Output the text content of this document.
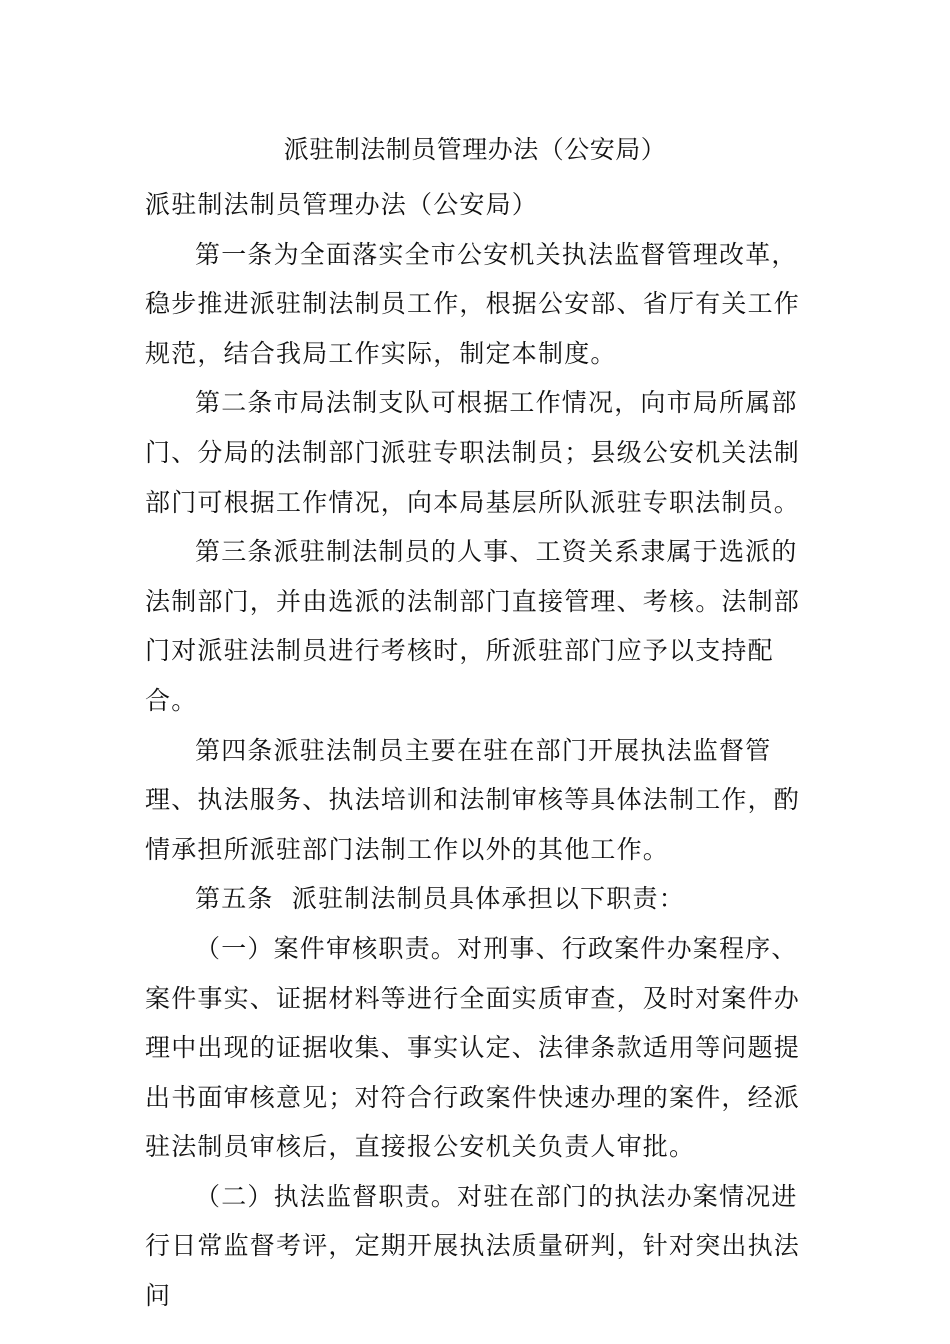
派驻制法制员管理办法（公安局）

派驻制法制员管理办法（公安局）

第一条为全面落实全市公安机关执法监督管理改革，稳步推进派驻制法制员工作，根据公安部、省厅有关工作规范，结合我局工作实际，制定本制度。

第二条市局法制支队可根据工作情况，向市局所属部门、分局的法制部门派驻专职法制员；县级公安机关法制部门可根据工作情况，向本局基层所队派驻专职法制员。

第三条派驻制法制员的人事、工资关系隶属于选派的法制部门，并由选派的法制部门直接管理、考核。法制部门对派驻法制员进行考核时，所派驻部门应予以支持配合。

第四条派驻法制员主要在驻在部门开展执法监督管理、执法服务、执法培训和法制审核等具体法制工作，酌情承担所派驻部门法制工作以外的其他工作。

第五条  派驻制法制员具体承担以下职责：

（一）案件审核职责。对刑事、行政案件办案程序、案件事实、证据材料等进行全面实质审查，及时对案件办理中出现的证据收集、事实认定、法律条款适用等问题提出书面审核意见；对符合行政案件快速办理的案件，经派驻法制员审核后，直接报公安机关负责人审批。

（二）执法监督职责。对驻在部门的执法办案情况进行日常监督考评，定期开展执法质量研判，针对突出执法问
